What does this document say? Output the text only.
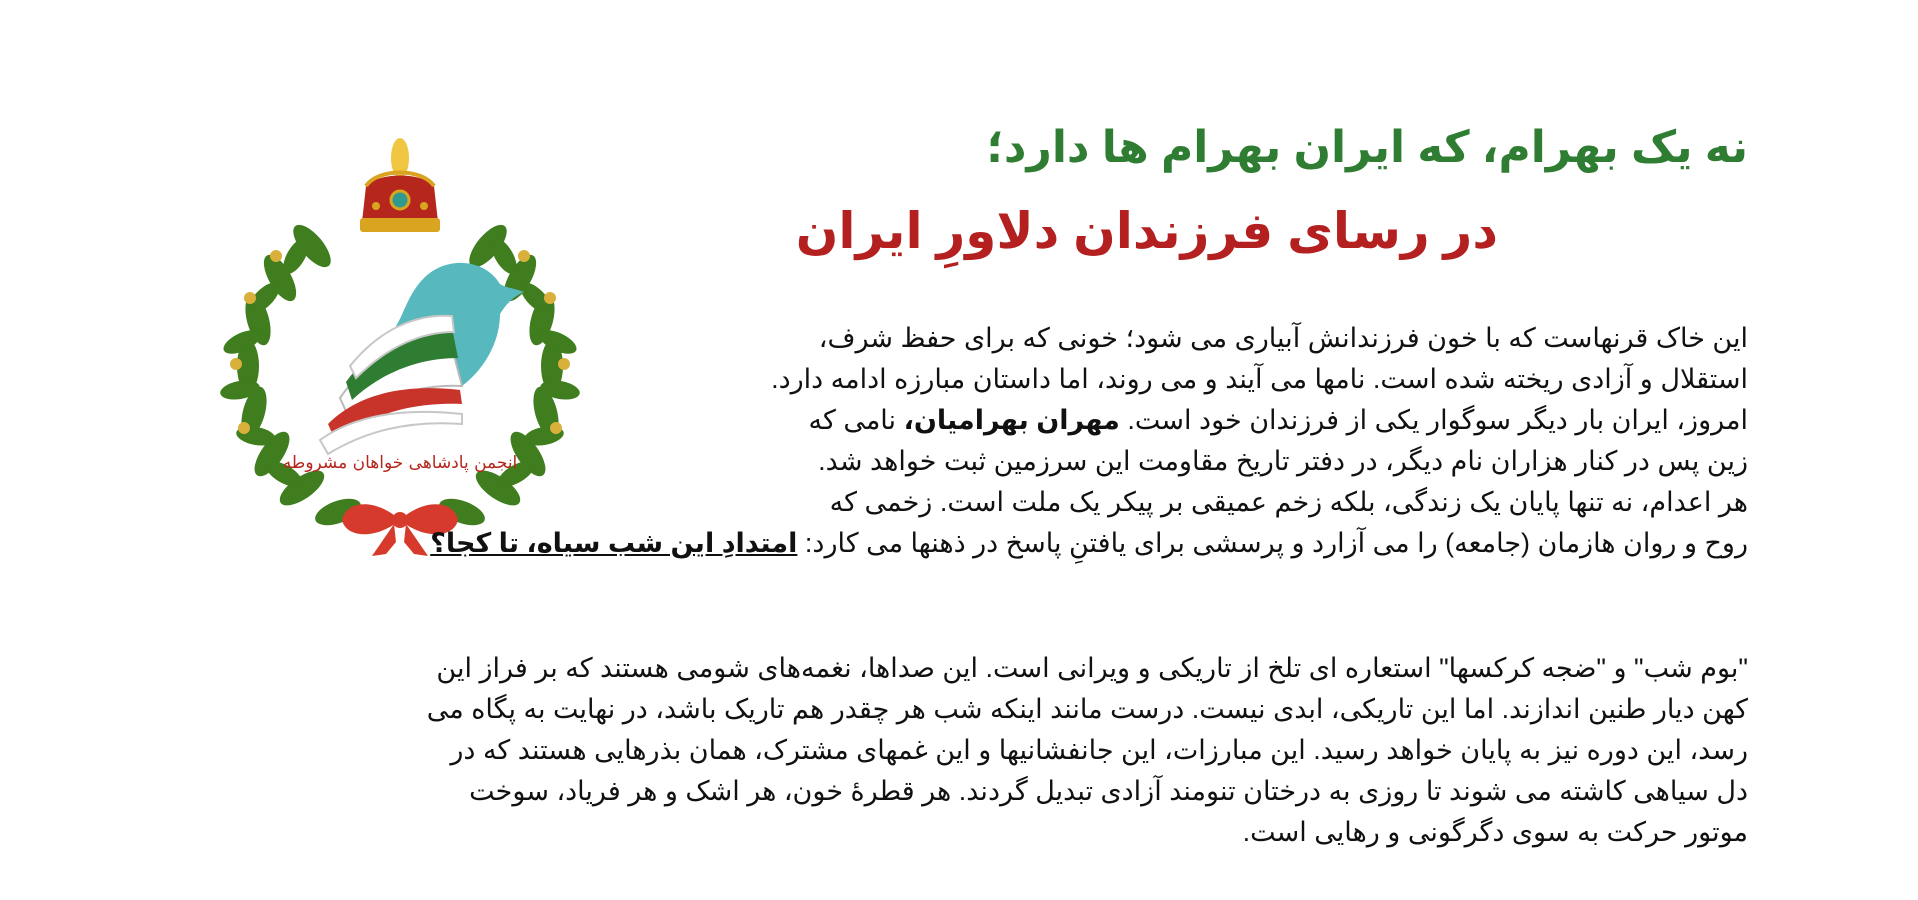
نه یک بهرام، که ایران بهرام ها دارد؛
در رسای فرزندان دلاورِ ایران
انجمن پادشاهی خواهان مشروطه
این خاک قرنهاست که با خون فرزندانش آبیاری می شود؛ خونی که برای حفظ شرف،
استقلال و آزادی ریخته شده است. نامها می آیند و می روند، اما داستان مبارزه ادامه دارد.
امروز، ایران بار دیگر سوگوار یکی از فرزندان خود است. مهران بهرامیان، نامی که
زین پس در کنار هزاران نام دیگر، در دفتر تاریخ مقاومت این سرزمین ثبت خواهد شد.
هر اعدام، نه تنها پایان یک زندگی، بلکه زخم عمیقی بر پیکر یک ملت است. زخمی که
روح و روان هازمان (جامعه) را می آزارد و پرسشی برای یافتنِ پاسخ در ذهنها می کارد: امتدادِ این شب سیاه، تا کجا؟
"بوم شب" و "ضجه کرکسها" استعاره ای تلخ از تاریکی و ویرانی است. این صداها، نغمه‌های شومی هستند که بر فراز این
کهن دیار طنین اندازند. اما این تاریکی، ابدی نیست. درست مانند اینکه شب هر چقدر هم تاریک باشد، در نهایت به پگاه می
رسد، این دوره نیز به پایان خواهد رسید. این مبارزات، این جانفشانیها و این غمهای مشترک، همان بذرهایی هستند که در
دل سیاهی کاشته می شوند تا روزی به درختان تنومند آزادی تبدیل گردند. هر قطرهٔ خون، هر اشک و هر فریاد، سوخت
موتور حرکت به سوی دگرگونی و رهایی است.
